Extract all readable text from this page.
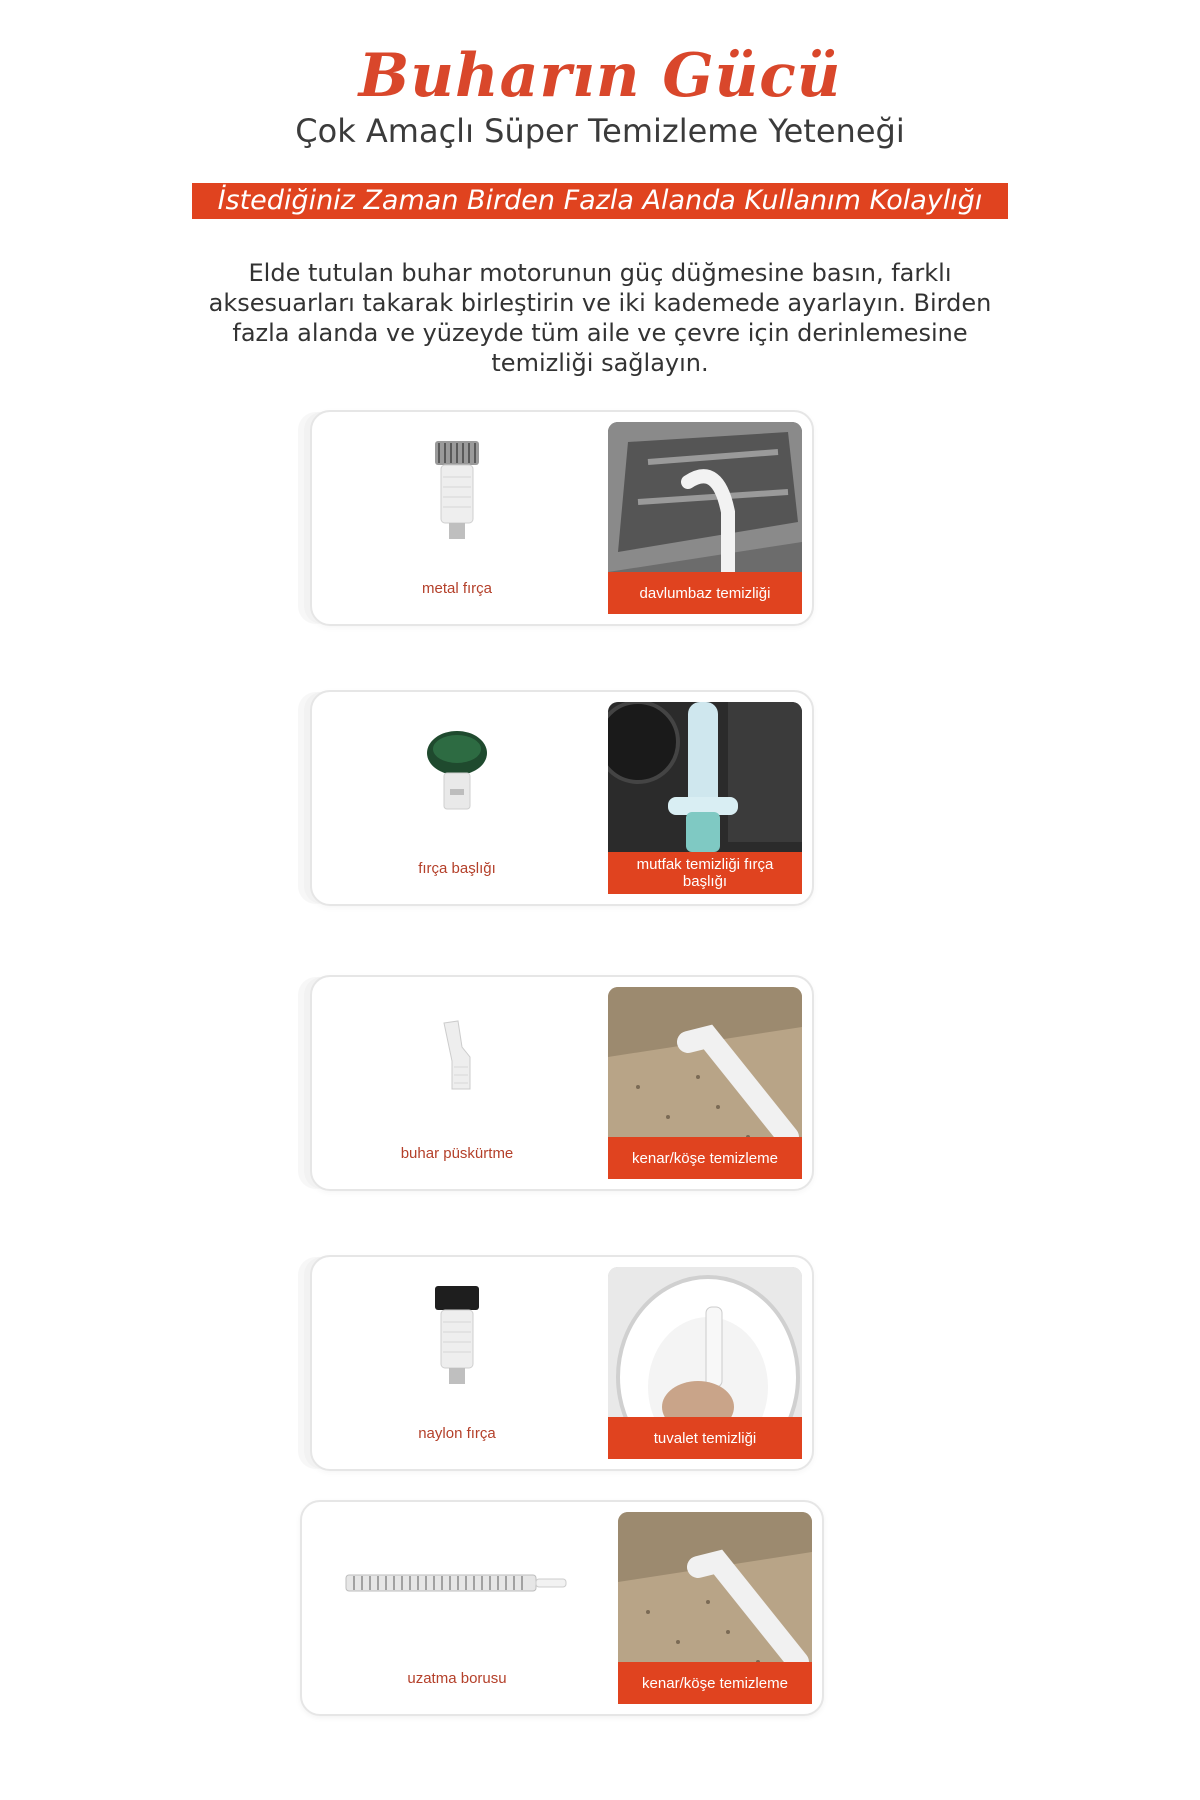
Buharın Gücü
Çok Amaçlı Süper Temizleme Yeteneği
İstediğiniz Zaman Birden Fazla Alanda Kullanım Kolaylığı
Elde tutulan buhar motorunun güç düğmesine basın, farklı aksesuarları takarak birleştirin ve iki kademede ayarlayın. Birden fazla alanda ve yüzeyde tüm aile ve çevre için derinlemesine temizliği sağlayın.
metal fırça	davlumbaz temizliği
fırça başlığı	mutfak temizliği fırça başlığı
buhar püskürtme	kenar/köşe temizleme
naylon fırça	tuvalet temizliği
uzatma borusu	kenar/köşe temizleme
